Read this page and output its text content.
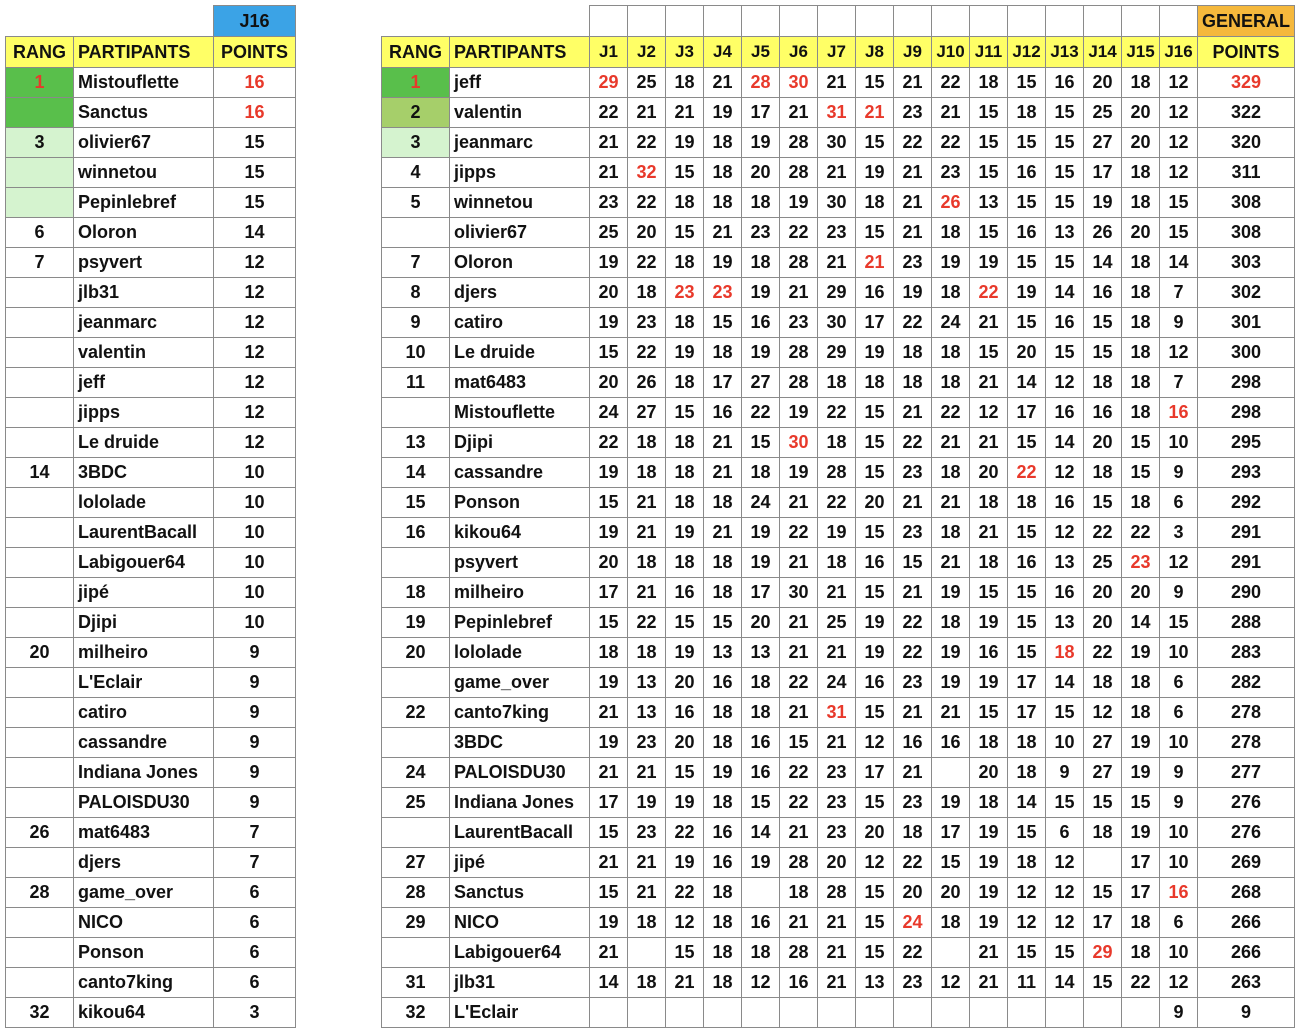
		J16
RANG	PARTIPANTS	POINTS
1	Mistouflette	16
	Sanctus	16
3	olivier67	15
	winnetou	15
	Pepinlebref	15
6	Oloron	14
7	psyvert	12
	jlb31	12
	jeanmarc	12
	valentin	12
	jeff	12
	jipps	12
	Le druide	12
14	3BDC	10
	lololade	10
	LaurentBacall	10
	Labigouer64	10
	jipé	10
	Djipi	10
20	milheiro	9
	L'Eclair	9
	catiro	9
	cassandre	9
	Indiana Jones	9
	PALOISDU30	9
26	mat6483	7
	djers	7
28	game_over	6
	NICO	6
	Ponson	6
	canto7king	6
32	kikou64	3
																		GENERAL
RANG	PARTIPANTS	J1	J2	J3	J4	J5	J6	J7	J8	J9	J10	J11	J12	J13	J14	J15	J16	POINTS
1	jeff	29	25	18	21	28	30	21	15	21	22	18	15	16	20	18	12	329
2	valentin	22	21	21	19	17	21	31	21	23	21	15	18	15	25	20	12	322
3	jeanmarc	21	22	19	18	19	28	30	15	22	22	15	15	15	27	20	12	320
4	jipps	21	32	15	18	20	28	21	19	21	23	15	16	15	17	18	12	311
5	winnetou	23	22	18	18	18	19	30	18	21	26	13	15	15	19	18	15	308
	olivier67	25	20	15	21	23	22	23	15	21	18	15	16	13	26	20	15	308
7	Oloron	19	22	18	19	18	28	21	21	23	19	19	15	15	14	18	14	303
8	djers	20	18	23	23	19	21	29	16	19	18	22	19	14	16	18	7	302
9	catiro	19	23	18	15	16	23	30	17	22	24	21	15	16	15	18	9	301
10	Le druide	15	22	19	18	19	28	29	19	18	18	15	20	15	15	18	12	300
11	mat6483	20	26	18	17	27	28	18	18	18	18	21	14	12	18	18	7	298
	Mistouflette	24	27	15	16	22	19	22	15	21	22	12	17	16	16	18	16	298
13	Djipi	22	18	18	21	15	30	18	15	22	21	21	15	14	20	15	10	295
14	cassandre	19	18	18	21	18	19	28	15	23	18	20	22	12	18	15	9	293
15	Ponson	15	21	18	18	24	21	22	20	21	21	18	18	16	15	18	6	292
16	kikou64	19	21	19	21	19	22	19	15	23	18	21	15	12	22	22	3	291
	psyvert	20	18	18	18	19	21	18	16	15	21	18	16	13	25	23	12	291
18	milheiro	17	21	16	18	17	30	21	15	21	19	15	15	16	20	20	9	290
19	Pepinlebref	15	22	15	15	20	21	25	19	22	18	19	15	13	20	14	15	288
20	lololade	18	18	19	13	13	21	21	19	22	19	16	15	18	22	19	10	283
	game_over	19	13	20	16	18	22	24	16	23	19	19	17	14	18	18	6	282
22	canto7king	21	13	16	18	18	21	31	15	21	21	15	17	15	12	18	6	278
	3BDC	19	23	20	18	16	15	21	12	16	16	18	18	10	27	19	10	278
24	PALOISDU30	21	21	15	19	16	22	23	17	21		20	18	9	27	19	9	277
25	Indiana Jones	17	19	19	18	15	22	23	15	23	19	18	14	15	15	15	9	276
	LaurentBacall	15	23	22	16	14	21	23	20	18	17	19	15	6	18	19	10	276
27	jipé	21	21	19	16	19	28	20	12	22	15	19	18	12		17	10	269
28	Sanctus	15	21	22	18		18	28	15	20	20	19	12	12	15	17	16	268
29	NICO	19	18	12	18	16	21	21	15	24	18	19	12	12	17	18	6	266
	Labigouer64	21		15	18	18	28	21	15	22		21	15	15	29	18	10	266
31	jlb31	14	18	21	18	12	16	21	13	23	12	21	11	14	15	22	12	263
32	L'Eclair																9	9
